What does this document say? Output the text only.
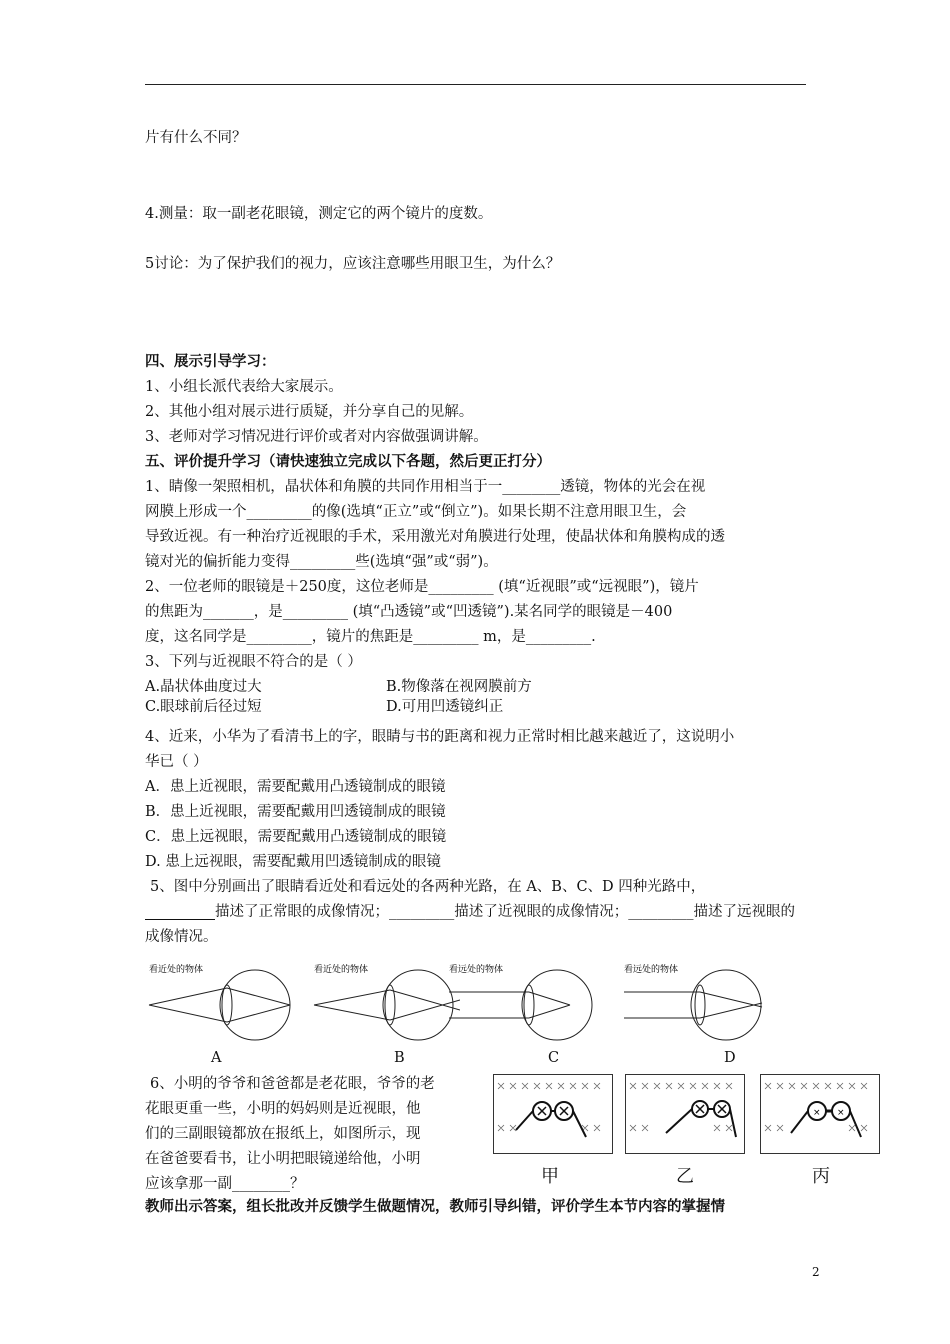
片有什么不同？
4.测量：取一副老花眼镜，测定它的两个镜片的度数。
5讨论：为了保护我们的视力，应该注意哪些用眼卫生，为什么？
四、展示引导学习：
1、小组长派代表给大家展示。
2、其他小组对展示进行质疑，并分享自己的见解。
3、老师对学习情况进行评价或者对内容做强调讲解。
五、评价提升学习（请快速独立完成以下各题，然后更正打分）
1、睛像一架照相机，晶状体和角膜的共同作用相当于一________透镜，物体的光会在视
网膜上形成一个_________的像(选填“正立”或“倒立”)。如果长期不注意用眼卫生，会
导致近视。有一种治疗近视眼的手术，采用激光对角膜进行处理，使晶状体和角膜构成的透
镜对光的偏折能力变得_________些(选填“强”或“弱”)。
2、一位老师的眼镜是＋250度，这位老师是_________ (填“近视眼”或“远视眼”)，镜片
的焦距为_______，是_________ (填“凸透镜”或“凹透镜”).某名同学的眼镜是－400
度，这名同学是_________，镜片的焦距是_________ m，是_________.
3、下列与近视眼不符合的是（ ）
A.晶状体曲度过大	B.物像落在视网膜前方
C.眼球前后径过短	D.可用凹透镜纠正
4、近来，小华为了看清书上的字，眼睛与书的距离和视力正常时相比越来越近了，这说明小
华已（ ）
A．患上近视眼，需要配戴用凸透镜制成的眼镜
B．患上近视眼，需要配戴用凹透镜制成的眼镜
C．患上远视眼，需要配戴用凸透镜制成的眼镜
D. 患上远视眼，需要配戴用凹透镜制成的眼镜
5、图中分别画出了眼睛看近处和看远处的各两种光路，在 A、B、C、D 四种光路中，
描述了正常眼的成像情况；_________描述了近视眼的成像情况；_________描述了远视眼的
成像情况。
看近处的物体	看近处的物体	看远处的物体	看远处的物体
A	B	C	D
6、小明的爷爷和爸爸都是老花眼，爷爷的老
花眼更重一些，小明的妈妈则是近视眼，他
们的三副眼镜都放在报纸上，如图所示，现
在爸爸要看书，让小明把眼镜递给他，小明
应该拿那一副________？
× ×
甲	乙	丙
教师出示答案，组长批改并反馈学生做题情况，教师引导纠错，评价学生本节内容的掌握情
2
